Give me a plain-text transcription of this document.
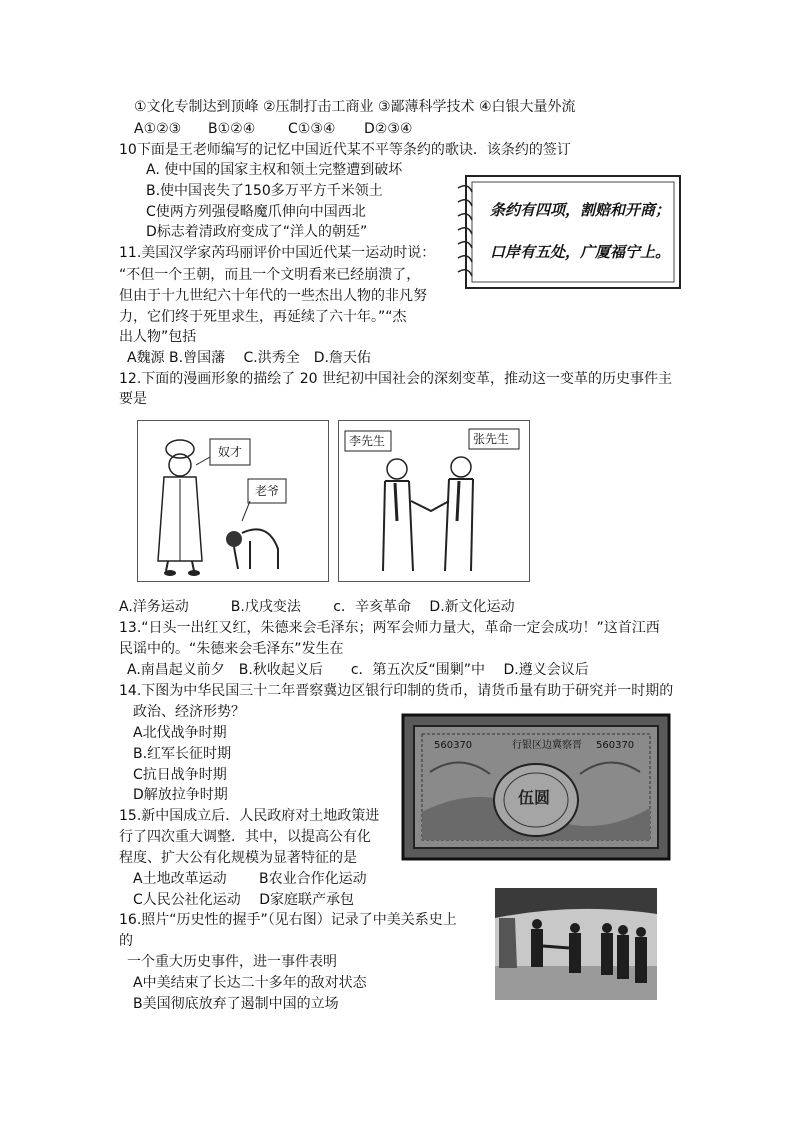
①文化专制达到顶峰 ②压制打击工商业 ③鄙薄科学技术 ④白银大量外流
A①②③ B①②④ C①③④ D②③④
10下面是王老师编写的记忆中国近代某不平等条约的歌诀．该条约的签订
A. 使中国的国家主权和领土完整遭到破坏
B.使中国丧失了150多万平方千米领土
C使两方列强侵略魔爪伸向中国西北
D标志着清政府变成了“洋人的朝廷”
条约有四项，割赔和开商；
口岸有五处，广厦福宁上。
11.美国汉学家芮玛丽评价中国近代某一运动时说：
“不但一个王朝，而且一个文明看来已经崩溃了，
但由于十九世纪六十年代的一些杰出人物的非凡努
力，它们终于死里求生，再延续了六十年。”“杰
出人物”包括
A魏源 B.曾国藩　 C.洪秀全　D.詹天佑
12.下面的漫画形象的描绘了 20 世纪初中国社会的深刻变革，推动这一变革的历史事件主
要是
奴才
老爷
李先生	张先生
A.洋务运动　　　B.戊戌变法　　 c．辛亥革命　 D.新文化运动
13.“日头一出红又红，朱德来会毛泽东；两军会师力量大，革命一定会成功！”这首江西
民谣中的。“朱德来会毛泽东”发生在
A.南昌起义前夕　B.秋收起义后　　c．第五次反“围剿”中　 D.遵义会议后
14.下图为中华民国三十二年晋察冀边区银行印制的货币，请货币量有助于研究并一时期的
政治、经济形势？
A北伐战争时期
B.红军长征时期
C抗日战争时期
D解放拉争时期
行银区边冀察晋
560370	560370
伍圆
15.新中国成立后．人民政府对土地政策进
行了四次重大调整．其中，以提高公有化
程度、扩大公有化规模为显著特征的是
A土地改革运动　　 B农业合作化运动
C人民公社化运动　 D家庭联产承包
16.照片“历史性的握手”（见右图）记录了中美关系史上
的
一个重大历史事件，进一事件表明
A中美结束了长达二十多年的敌对状态
B美国彻底放弃了遏制中国的立场
